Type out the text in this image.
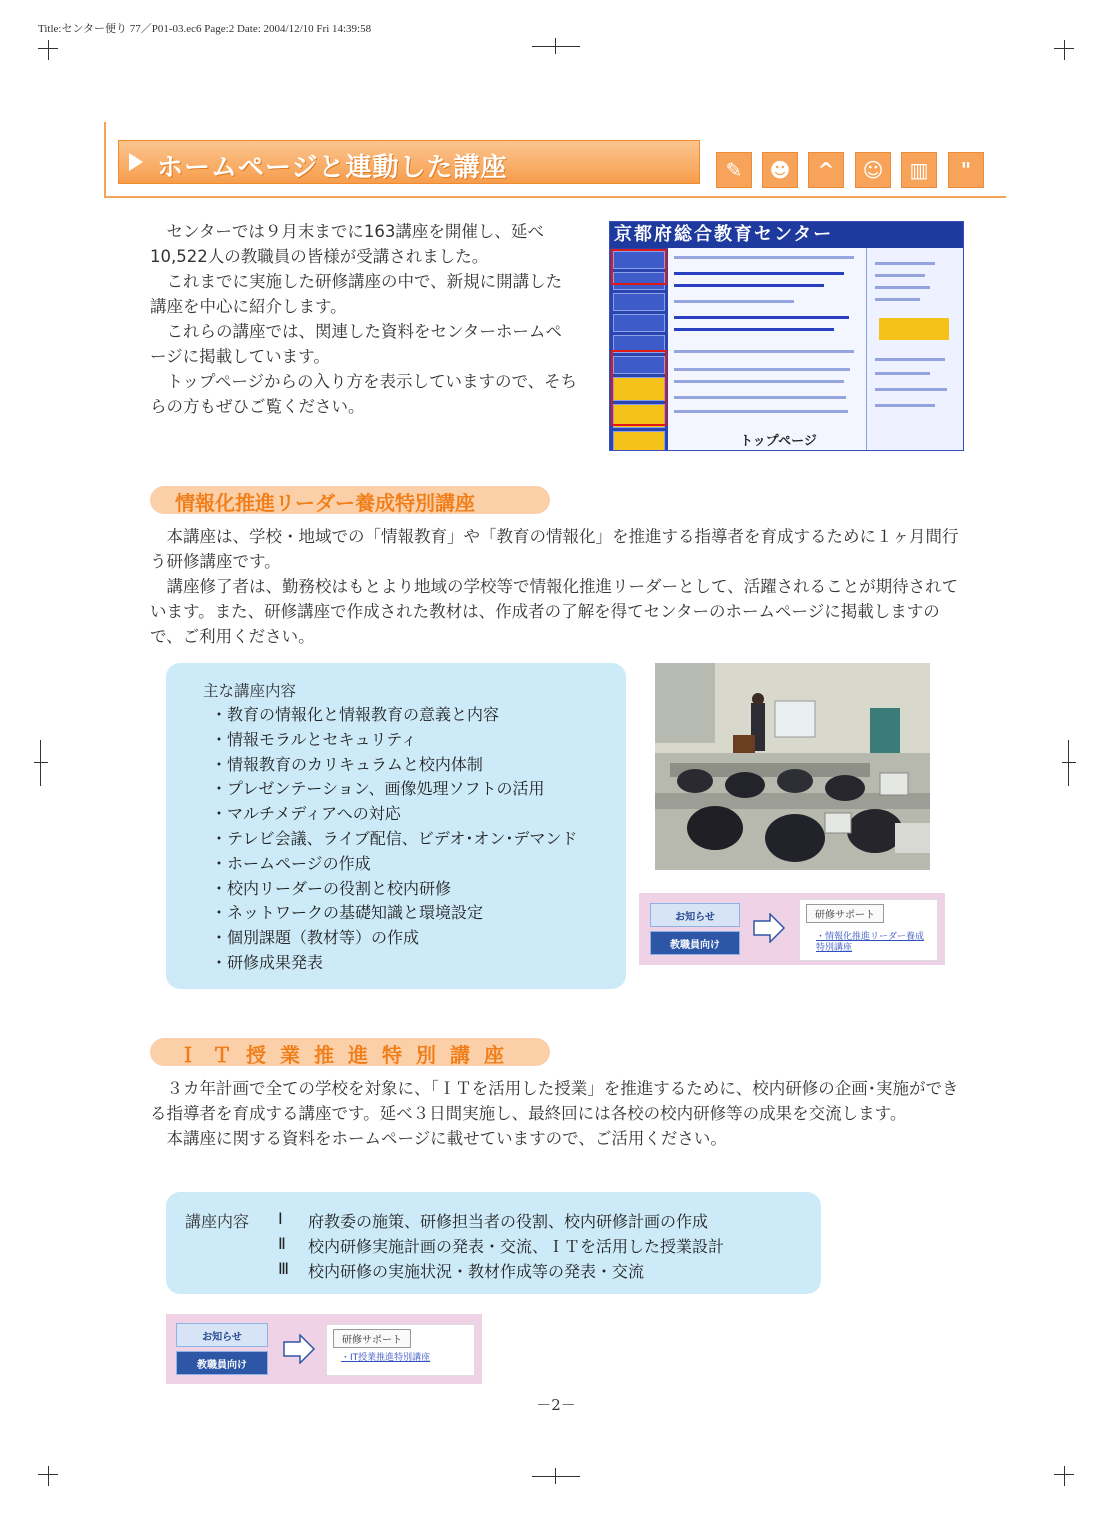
Title:センター便り 77／P01-03.ec6 Page:2 Date: 2004/12/10 Fri 14:39:58
ホームページと連動した講座	✎	☻	^	☺	▥	"

センターでは９月末までに163講座を開催し、延べ10,522人の教職員の皆様が受講されました。

これまでに実施した研修講座の中で、新規に開講した講座を中心に紹介します。

これらの講座では、関連した資料をセンターホームページに掲載しています。

トップページからの入り方を表示していますので、そちらの方もぜひご覧ください。

京都府総合教育センター
トップページ
情報化推進リーダー養成特別講座

本講座は、学校・地域での「情報教育」や「教育の情報化」を推進する指導者を育成するために１ヶ月間行う研修講座です。

講座修了者は、勤務校はもとより地域の学校等で情報化推進リーダーとして、活躍されることが期待されています。また、研修講座で作成された教材は、作成者の了解を得てセンターのホームページに掲載しますので、ご利用ください。

主な講座内容
・教育の情報化と情報教育の意義と内容
・情報モラルとセキュリティ
・情報教育のカリキュラムと校内体制
・プレゼンテーション、画像処理ソフトの活用
・マルチメディアへの対応
・テレビ会議、ライブ配信、ビデオ･オン･デマンド
・ホームページの作成
・校内リーダーの役割と校内研修
・ネットワークの基礎知識と環境設定
・個別課題（教材等）の作成
・研修成果発表
お知らせ
教職員向け
研修サポート
・情報化推進リーダー養成特別講座
ＩＴ授業推進特別講座

３カ年計画で全ての学校を対象に、「ＩＴを活用した授業」を推進するために、校内研修の企画･実施ができる指導者を育成する講座です。延べ３日間実施し、最終回には各校の校内研修等の成果を交流します。

本講座に関する資料をホームページに載せていますので、ご活用ください。

講座内容 Ⅰ 府教委の施策、研修担当者の役割、校内研修計画の作成
Ⅱ 校内研修実施計画の発表・交流、ＩＴを活用した授業設計
Ⅲ 校内研修の実施状況・教材作成等の発表・交流
お知らせ
教職員向け
研修サポート
・IT授業推進特別講座
－2－
